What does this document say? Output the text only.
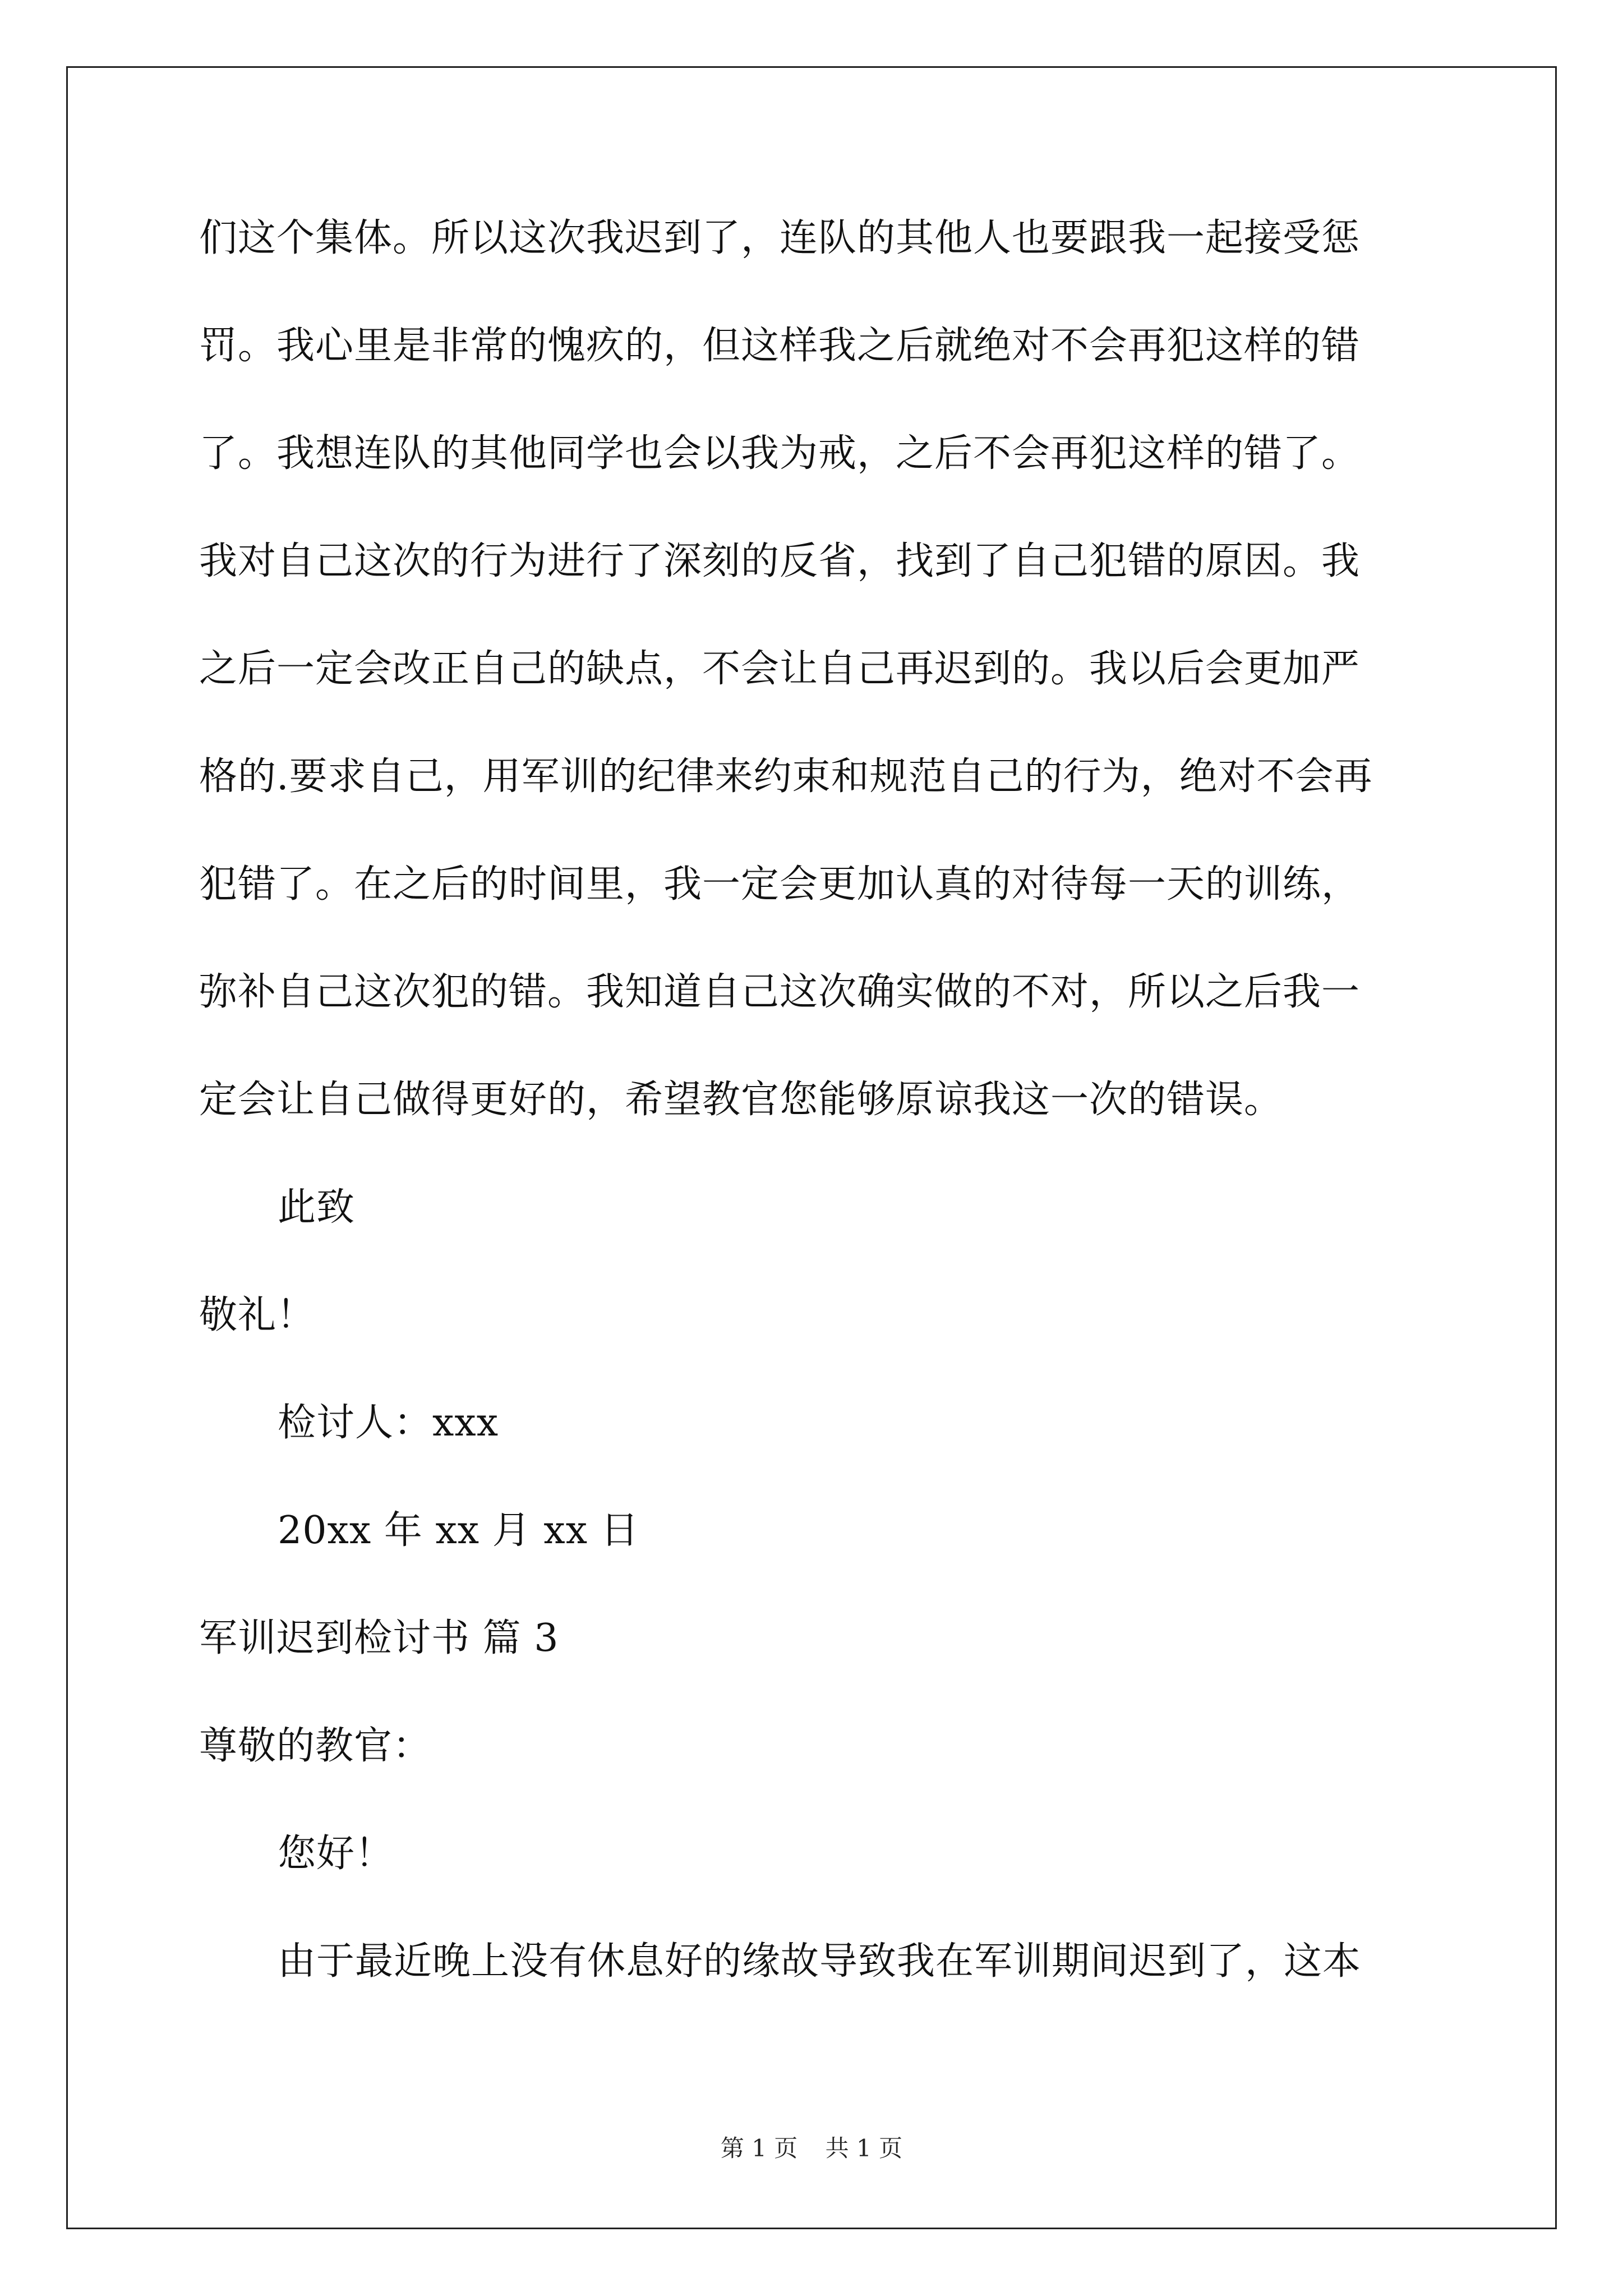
们这个集体。所以这次我迟到了，连队的其他人也要跟我一起接受惩
罚。我心里是非常的愧疚的，但这样我之后就绝对不会再犯这样的错
了。我想连队的其他同学也会以我为戒，之后不会再犯这样的错了。
我对自己这次的行为进行了深刻的反省，找到了自己犯错的原因。我
之后一定会改正自己的缺点，不会让自己再迟到的。我以后会更加严
格的.要求自己，用军训的纪律来约束和规范自己的行为，绝对不会再
犯错了。在之后的时间里，我一定会更加认真的对待每一天的训练，
弥补自己这次犯的错。我知道自己这次确实做的不对，所以之后我一
定会让自己做得更好的，希望教官您能够原谅我这一次的错误。
此致
敬礼！
检讨人：xxx
20xx 年 xx 月 xx 日
军训迟到检讨书 篇 3
尊敬的教官：
您好！
由于最近晚上没有休息好的缘故导致我在军训期间迟到了，这本
第 1 页 共 1 页
